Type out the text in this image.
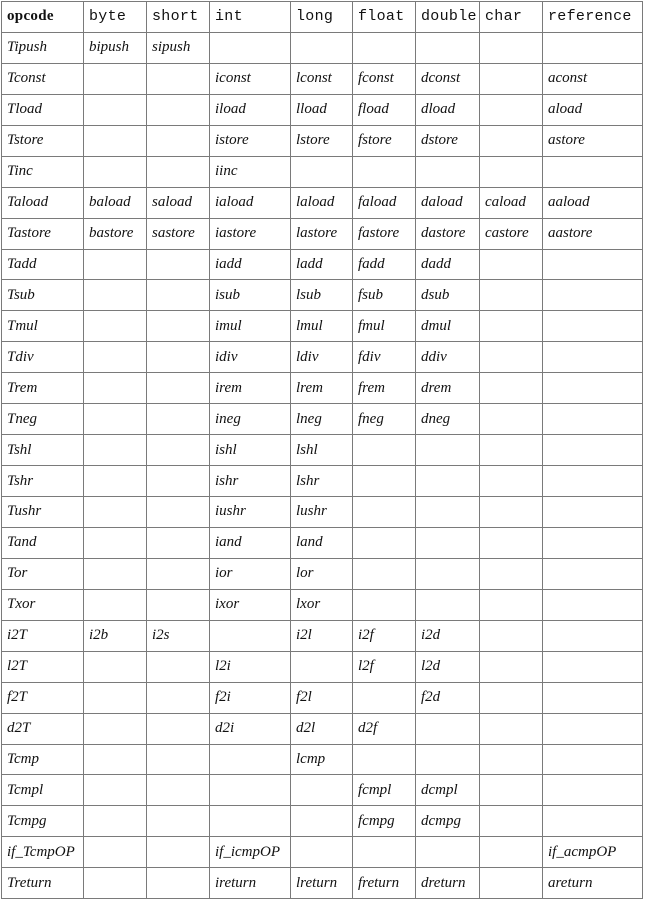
opcode	byte	short	int	long	float	double	char	reference
Tipush	bipush	sipush						
Tconst			iconst	lconst	fconst	dconst		aconst
Tload			iload	lload	fload	dload		aload
Tstore			istore	lstore	fstore	dstore		astore
Tinc			iinc					
Taload	baload	saload	iaload	laload	faload	daload	caload	aaload
Tastore	bastore	sastore	iastore	lastore	fastore	dastore	castore	aastore
Tadd			iadd	ladd	fadd	dadd		
Tsub			isub	lsub	fsub	dsub		
Tmul			imul	lmul	fmul	dmul		
Tdiv			idiv	ldiv	fdiv	ddiv		
Trem			irem	lrem	frem	drem		
Tneg			ineg	lneg	fneg	dneg		
Tshl			ishl	lshl				
Tshr			ishr	lshr				
Tushr			iushr	lushr				
Tand			iand	land				
Tor			ior	lor				
Txor			ixor	lxor				
i2T	i2b	i2s		i2l	i2f	i2d		
l2T			l2i		l2f	l2d		
f2T			f2i	f2l		f2d		
d2T			d2i	d2l	d2f			
Tcmp				lcmp				
Tcmpl					fcmpl	dcmpl		
Tcmpg					fcmpg	dcmpg		
if_TcmpOP			if_icmpOP					if_acmpOP
Treturn			ireturn	lreturn	freturn	dreturn		areturn
